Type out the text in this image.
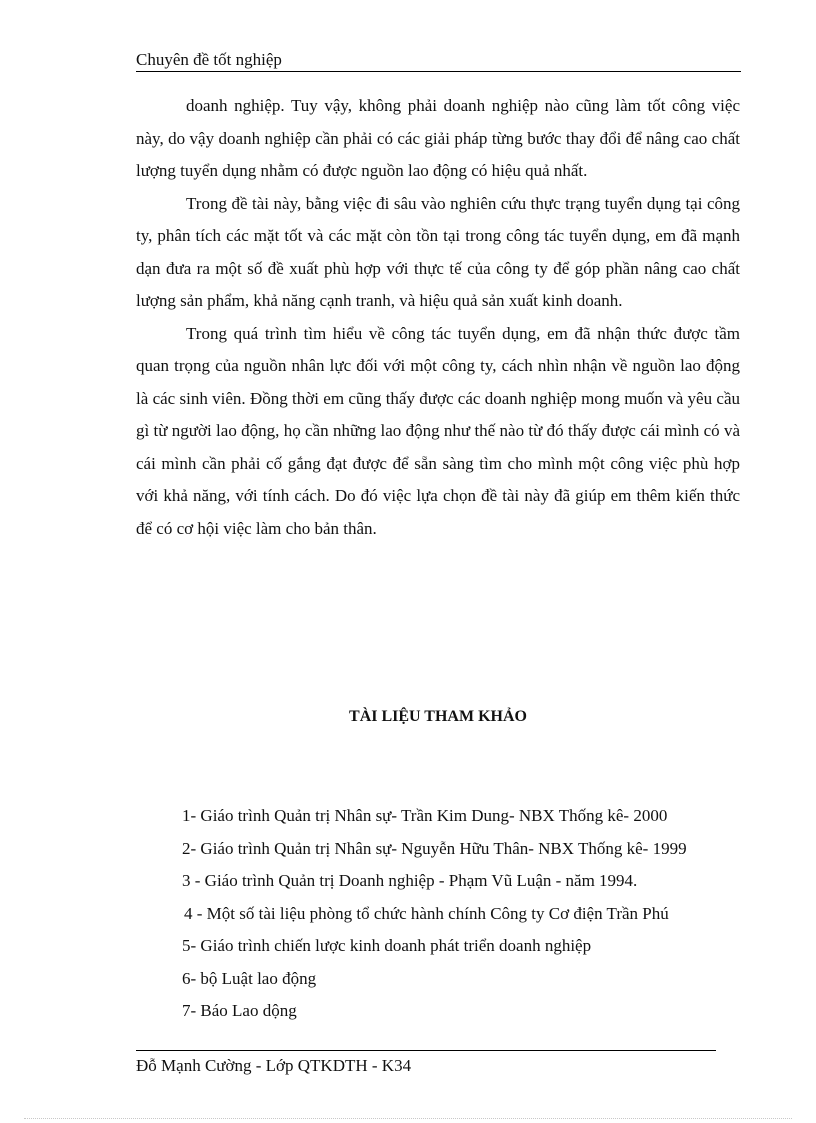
Chuyên đề tốt nghiệp

doanh nghiệp. Tuy vậy, không phải doanh nghiệp nào cũng làm tốt công việc này, do vậy doanh nghiệp cần phải có các giải pháp từng bước thay đổi để nâng cao chất lượng tuyển dụng nhằm có được nguồn lao động có hiệu quả nhất.

Trong đề tài này, bằng việc đi sâu vào nghiên cứu thực trạng tuyển dụng tại công ty, phân tích các mặt tốt và các mặt còn tồn tại trong công tác tuyển dụng, em đã mạnh dạn đưa ra một số đề xuất phù hợp với thực tế của công ty để góp phần nâng cao chất lượng sản phẩm, khả năng cạnh tranh, và hiệu quả sản xuất kinh doanh.

Trong quá trình tìm hiểu về công tác tuyển dụng, em đã nhận thức được tầm quan trọng của nguồn nhân lực đối với một công ty, cách nhìn nhận về nguồn lao động là các sinh viên. Đồng thời em cũng thấy được các doanh nghiệp mong muốn và yêu cầu gì từ người lao động, họ cần những lao động như thế nào từ đó thấy được cái mình có và cái mình cần phải cố gắng đạt được để sẵn sàng tìm cho mình một công việc phù hợp với khả năng, với tính cách. Do đó việc lựa chọn đề tài này đã giúp em thêm kiến thức để có cơ hội việc làm cho bản thân.

TÀI LIỆU THAM KHẢO
1- Giáo trình Quản trị Nhân sự- Trần Kim Dung- NBX Thống kê- 2000
2- Giáo trình Quản trị Nhân sự- Nguyễn Hữu Thân- NBX Thống kê- 1999
3 - Giáo trình Quản trị Doanh nghiệp - Phạm Vũ Luận - năm 1994.
4 - Một số tài liệu phòng tổ chức hành chính Công ty Cơ điện Trần Phú
5- Giáo trình chiến lược kinh doanh phát triển doanh nghiệp
6- bộ Luật lao động
7- Báo Lao dộng
Đỗ Mạnh Cường - Lớp QTKDTH - K34
